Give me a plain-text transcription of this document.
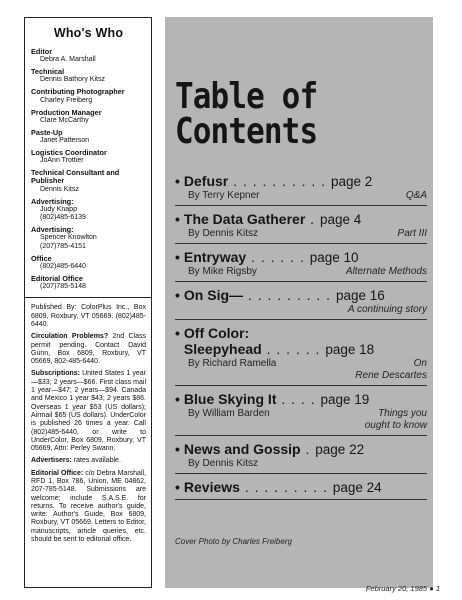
Who's Who
Editor
Debra A. Marshall
Technical
Dennis Bathory Kitsz
Contributing Photographer
Charley Freiberg
Production Manager
Clare McCarthy
Paste-Up
Janet Patterson
Logistics Coordinator
JoAnn Trottier
Technical Consultant and Publisher
Dennis Kitsz
Advertising:
Judy Knapp
(802)485-6139
Advertising:
Spencer Knowlton
(207)785-4151
Office
(802)485-6440
Editorial Office
(207)785-5148

Published By: ColorPlus Inc., Box 6809, Roxbury, VT 05669. (802)485-6440.

Circulation Problems? 2nd Class permit pending. Contact David Gunn, Box 6809, Roxbury, VT 05669, 802-485-6440.

Subscriptions: United States 1 year—$33; 2 years—$66. First class mail 1 year—$47; 2 years—$94. Canada and Mexico 1 year $43; 2 years $86. Overseas 1 year $53 (US dollars); Airmail $65 (US dollars). UnderColor is published 26 times a year. Call (802)485-6440, or write to UnderColor, Box 6809, Roxbury, VT 05669, Attn: Perley Swann.

Advertisers: rates available.

Editorial Office: c/o Debra Marshall, RFD 1, Box 786, Union, ME 04862, 207-785-5148. Submissions are welcome; include S.A.S.E. for returns. To receive author's guide, write: Author's Guide, Box 6809, Roxbury, VT 05669. Letters to Editor, manuscripts, article queries, etc. should be sent to editorial office.

Table of
Contents
• Defusr . . . . . . . . . . page 2
By Terry Kepner	Q&A
• The Data Gatherer . page 4
By Dennis Kitsz	Part III
• Entryway . . . . . . page 10
By Mike Rigsby	Alternate Methods
• On Sig— . . . . . . . . . page 16
A continuing story
• Off Color:
Sleepyhead . . . . . . page 18
By Richard Ramella	On
Rene Descartes
• Blue Skying It . . . . page 19
By William Barden	Things you
ought to know
• News and Gossip . page 22
By Dennis Kitsz
• Reviews . . . . . . . . . page 24
Cover Photo by Charles Freiberg
February 20, 1985 ● 1
